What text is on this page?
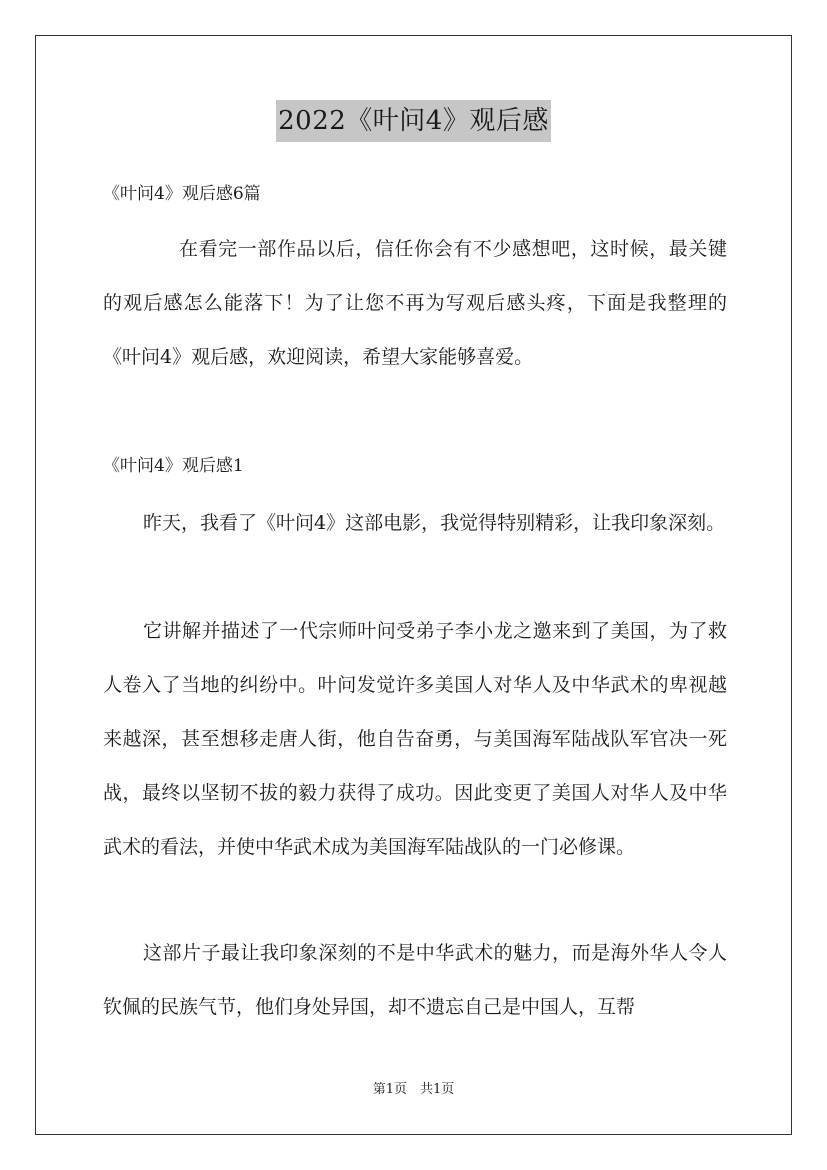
2022《叶问4》观后感
《叶问4》观后感6篇

在看完一部作品以后，信任你会有不少感想吧，这时候，最关键的观后感怎么能落下！为了让您不再为写观后感头疼，下面是我整理的《叶问4》观后感，欢迎阅读，希望大家能够喜爱。

《叶问4》观后感1

昨天，我看了《叶问4》这部电影，我觉得特别精彩，让我印象深刻。

它讲解并描述了一代宗师叶问受弟子李小龙之邀来到了美国，为了救人卷入了当地的纠纷中。叶问发觉许多美国人对华人及中华武术的卑视越来越深，甚至想移走唐人街，他自告奋勇，与美国海军陆战队军官决一死战，最终以坚韧不拔的毅力获得了成功。因此变更了美国人对华人及中华武术的看法，并使中华武术成为美国海军陆战队的一门必修课。

这部片子最让我印象深刻的不是中华武术的魅力，而是海外华人令人钦佩的民族气节，他们身处异国，却不遗忘自己是中国人，互帮

第1页　共1页
